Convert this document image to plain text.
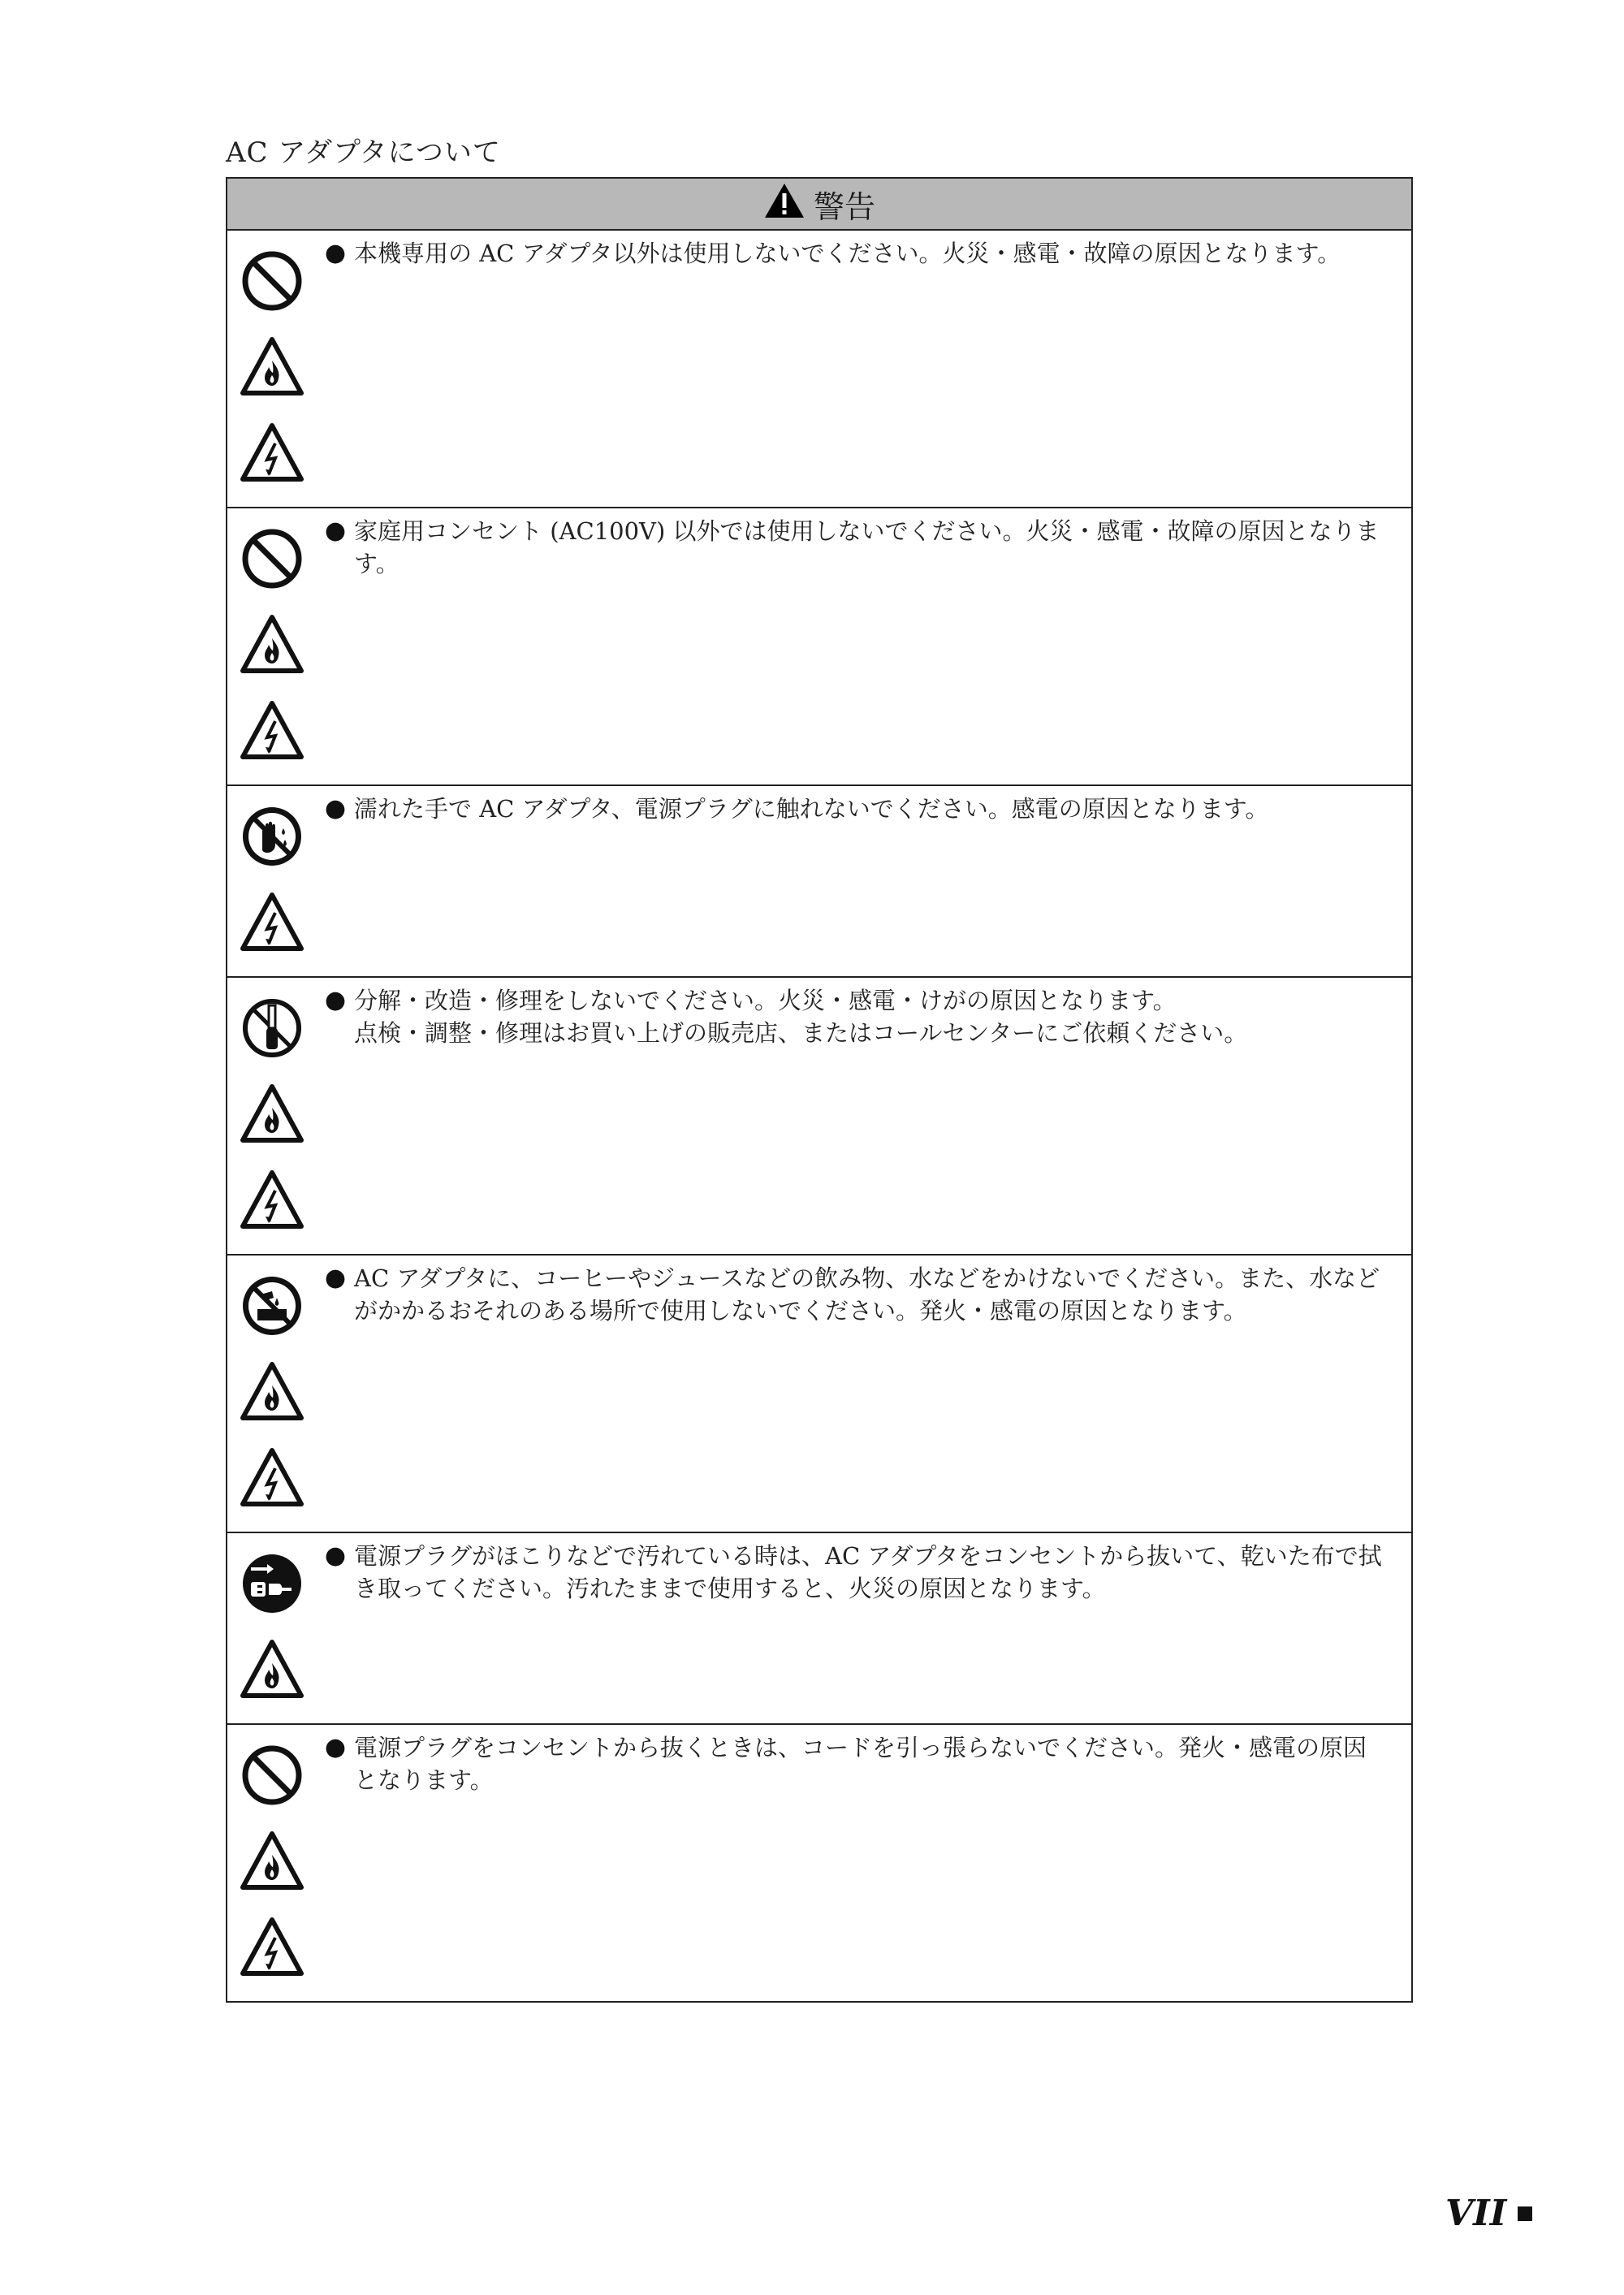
AC アダプタについて
警告

● 本機専用の AC アダプタ以外は使用しないでください。火災・感電・故障の原因となります。

● 家庭用コンセント (AC100V) 以外では使用しないでください。火災・感電・故障の原因となります。

● 濡れた手で AC アダプタ、電源プラグに触れないでください。感電の原因となります。

● 分解・改造・修理をしないでください。火災・感電・けがの原因となります。
点検・調整・修理はお買い上げの販売店、またはコールセンターにご依頼ください。

● AC アダプタに、コーヒーやジュースなどの飲み物、水などをかけないでください。また、水など
がかかるおそれのある場所で使用しないでください。発火・感電の原因となります。

● 電源プラグがほこりなどで汚れている時は、AC アダプタをコンセントから抜いて、乾いた布で拭
き取ってください。汚れたままで使用すると、火災の原因となります。

● 電源プラグをコンセントから抜くときは、コードを引っ張らないでください。発火・感電の原因
となります。
VII
